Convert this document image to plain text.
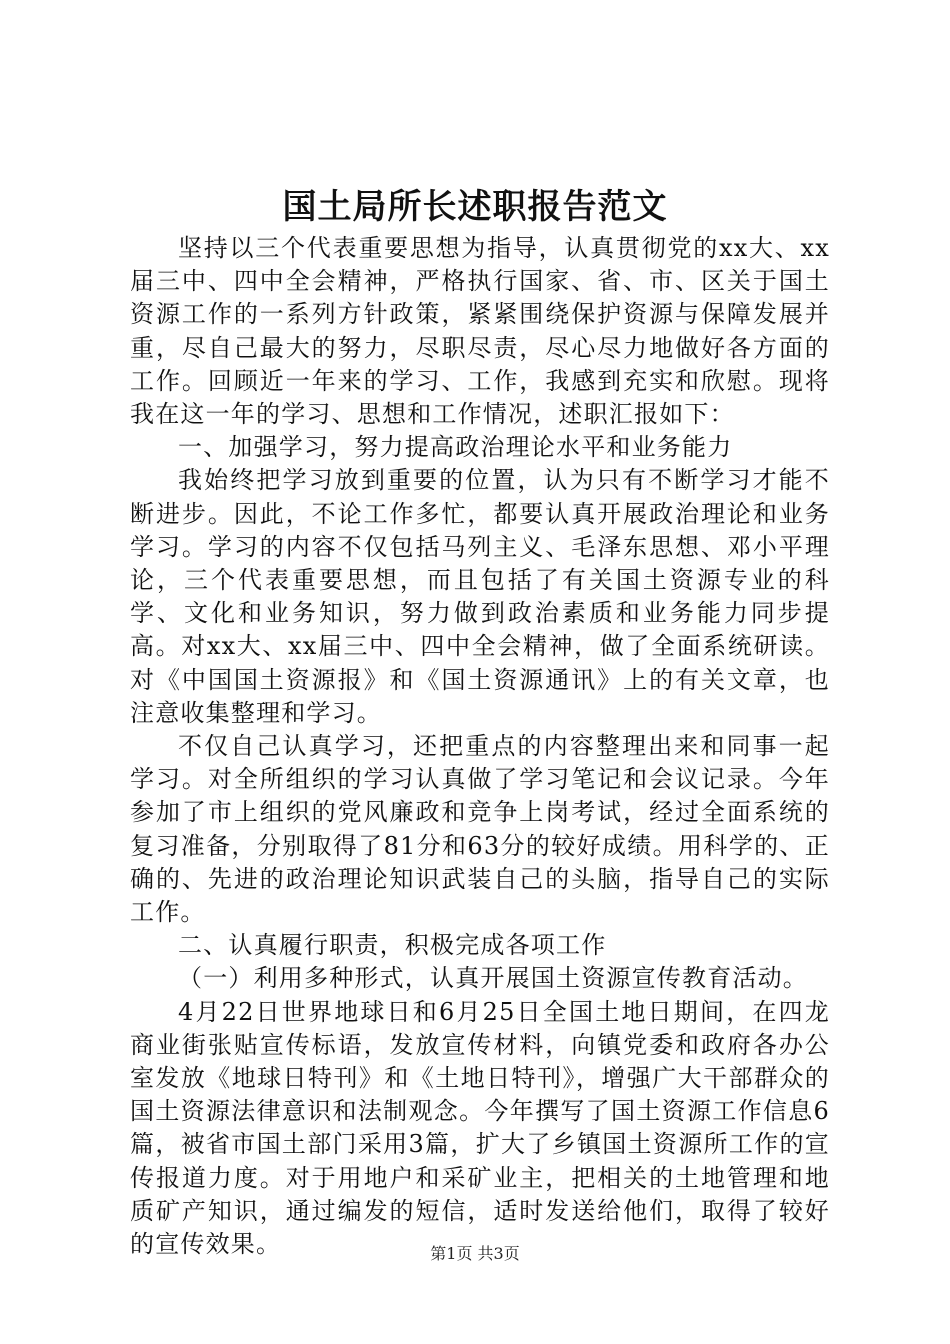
国土局所长述职报告范文

坚持以三个代表重要思想为指导，认真贯彻党的xx大、xx届三中、四中全会精神，严格执行国家、省、市、区关于国土资源工作的一系列方针政策，紧紧围绕保护资源与保障发展并重，尽自己最大的努力，尽职尽责，尽心尽力地做好各方面的工作。回顾近一年来的学习、工作，我感到充实和欣慰。现将我在这一年的学习、思想和工作情况，述职汇报如下：

一、加强学习，努力提高政治理论水平和业务能力

我始终把学习放到重要的位置，认为只有不断学习才能不断进步。因此，不论工作多忙，都要认真开展政治理论和业务学习。学习的内容不仅包括马列主义、毛泽东思想、邓小平理论，三个代表重要思想，而且包括了有关国土资源专业的科学、文化和业务知识，努力做到政治素质和业务能力同步提高。对xx大、xx届三中、四中全会精神，做了全面系统研读。对《中国国土资源报》和《国土资源通讯》上的有关文章，也注意收集整理和学习。

不仅自己认真学习，还把重点的内容整理出来和同事一起学习。对全所组织的学习认真做了学习笔记和会议记录。今年参加了市上组织的党风廉政和竞争上岗考试，经过全面系统的复习准备，分别取得了81分和63分的较好成绩。用科学的、正确的、先进的政治理论知识武装自己的头脑，指导自己的实际工作。

二、认真履行职责，积极完成各项工作

（一）利用多种形式，认真开展国土资源宣传教育活动。

4月22日世界地球日和6月25日全国土地日期间，在四龙商业街张贴宣传标语，发放宣传材料，向镇党委和政府各办公室发放《地球日特刊》和《土地日特刊》，增强广大干部群众的国土资源法律意识和法制观念。今年撰写了国土资源工作信息6篇，被省市国土部门采用3篇，扩大了乡镇国土资源所工作的宣传报道力度。对于用地户和采矿业主，把相关的土地管理和地质矿产知识，通过编发的短信，适时发送给他们，取得了较好的宣传效果。	第1页 共3页
